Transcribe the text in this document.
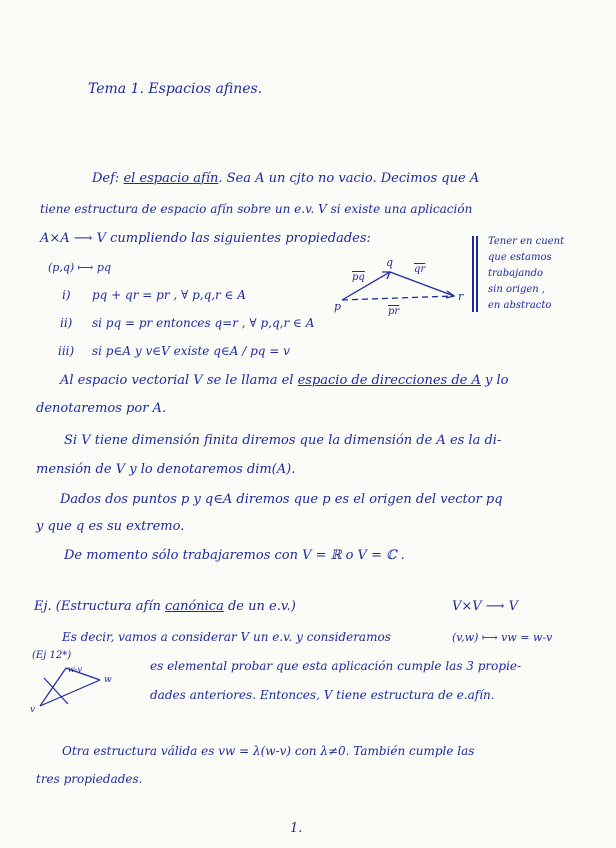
Tema 1. Espacios afines.
Def: el espacio afín. Sea A un cjto no vacio. Decimos que A
tiene estructura de espacio afín sobre un e.v. V si existe una aplicación
A×A ⟶ V cumpliendo las siguientes propiedades:
(p,q) ⟼ pq
i) pq + qr = pr , ∀ p,q,r ∈ A
ii) si pq = pr entonces q=r , ∀ p,q,r ∈ A
iii) si p∈A y v∈V existe q∈A / pq = v
p
q
r
pq
qr
pr
Tener en cuent
que estamos
trabajando
sin origen ,
en abstracto
Al espacio vectorial V se le llama el espacio de direcciones de A y lo
denotaremos por A.
Si V tiene dimensión finita diremos que la dimensión de A es la di-
mensión de V y lo denotaremos dim(A).
Dados dos puntos p y q∈A diremos que p es el origen del vector pq
y que q es su extremo.
De momento sólo trabajaremos con V = ℝ o V = ℂ .
Ej. (Estructura afín canónica de un e.v.)	V×V ⟶ V
Es decir, vamos a considerar V un e.v. y consideramos	(v,w) ⟼ vw = w-v
(Ej 12*)
es elemental probar que esta aplicación cumple las 3 propie-
dades anteriores. Entonces, V tiene estructura de e.afín.
v
w-v
w
Otra estructura válida es vw = λ(w-v) con λ≠0. También cumple las
tres propiedades.
1.
